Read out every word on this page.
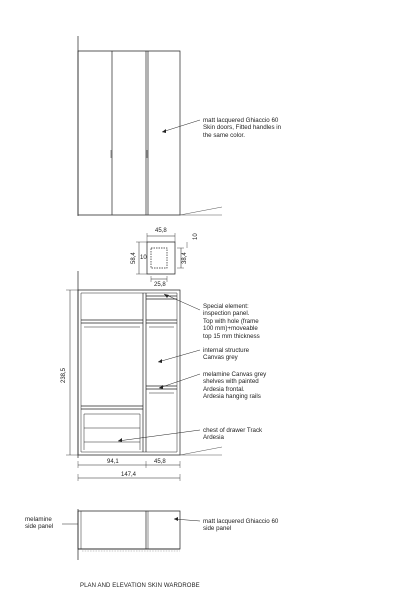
matt lacquered Ghiaccio 60
Skin doors, Fitted handles in
the same color.
Special element:
inspection panel.
Top with hole (frame
100 mm)+moveable
top 15 mm thickness
internal structure
Canvas grey
melamine Canvas grey
shelves with painted
Ardesia frontal.
Ardesia hanging rails
chest of drawer Track
Ardesia
melamine
side panel
matt lacquered Ghiaccio 60
side panel
45,8
10
58,4 10	38,4
25,8
238,5
94,1	45,8
147,4
PLAN AND ELEVATION SKIN WARDROBE
